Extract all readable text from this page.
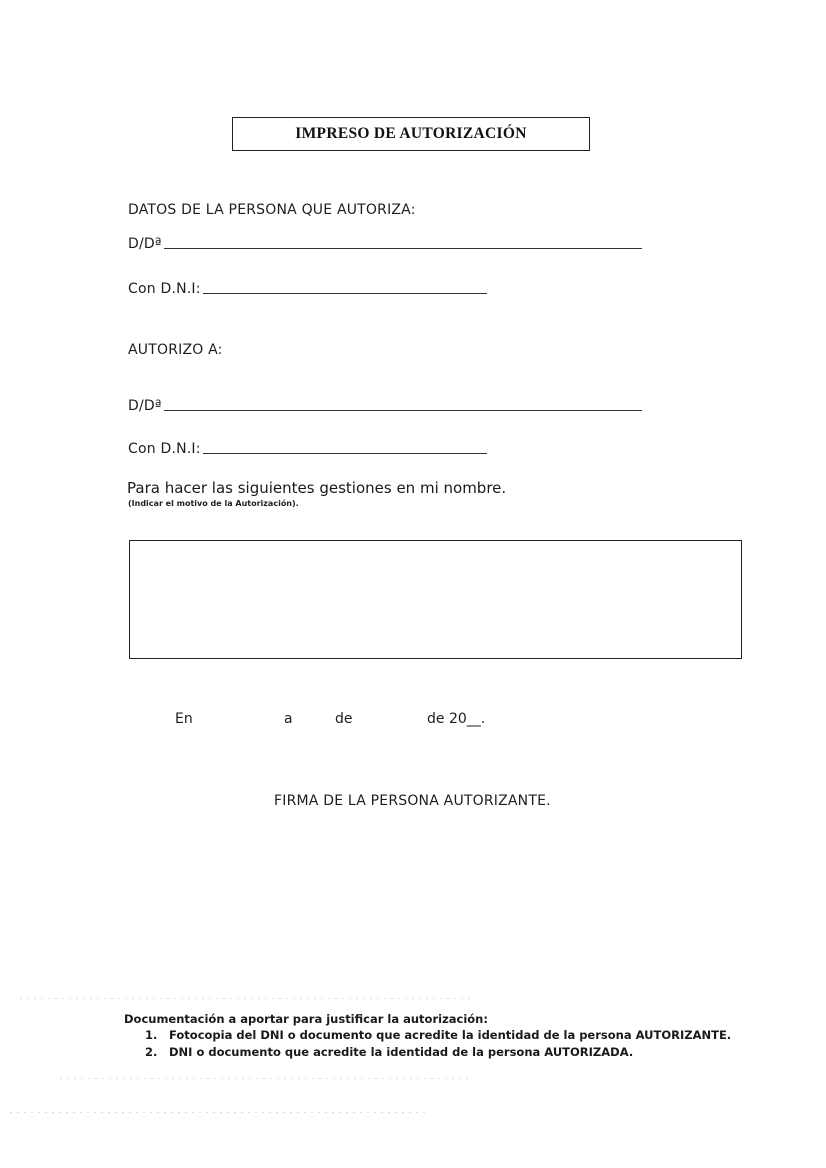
IMPRESO DE AUTORIZACIÓN
DATOS DE LA PERSONA QUE AUTORIZA:
D/Dª
Con D.N.I:
AUTORIZO A:
D/Dª
Con D.N.I:
Para hacer las siguientes gestiones en mi nombre.
(Indicar el motivo de la Autorización).
En	a	de	de 20__.
FIRMA DE LA PERSONA AUTORIZANTE.
Documentación a aportar para justificar la autorización:
1. Fotocopia del DNI o documento que acredite la identidad de la persona AUTORIZANTE.
2. DNI o documento que acredite la identidad de la persona AUTORIZADA.
